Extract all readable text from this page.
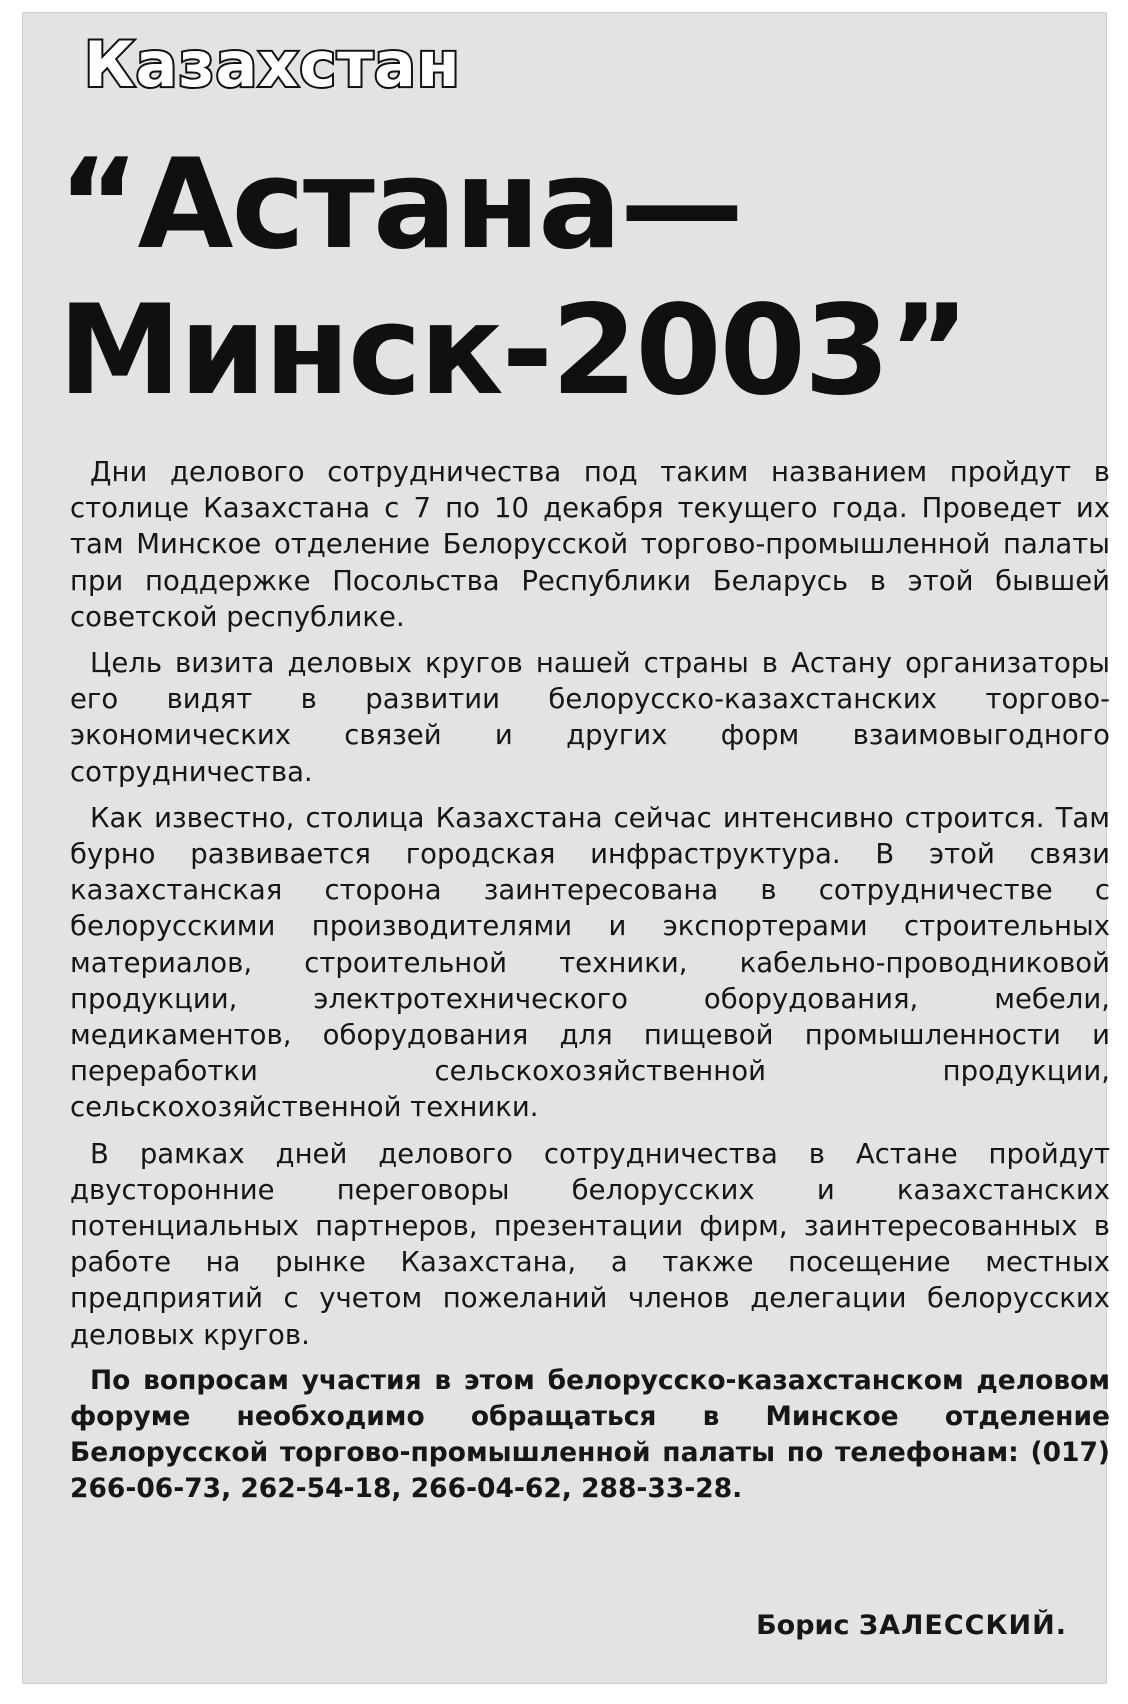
Казахстан
“Астана—
Минск-2003”

Дни делового сотрудничества под таким названием пройдут в столице Казахстана с 7 по 10 декабря текущего года. Проведет их там Минское отделение Белорусской торгово-промышленной палаты при поддержке Посольства Республики Беларусь в этой бывшей советской республике.

Цель визита деловых кругов нашей страны в Астану организаторы его видят в развитии белорусско-казахстанских торгово-экономических связей и других форм взаимовыгодного сотрудничества.

Как известно, столица Казахстана сейчас интенсивно строится. Там бурно развивается городская инфраструктура. В этой связи казахстанская сторона заинтересована в сотрудничестве с белорусскими производителями и экспортерами строительных материалов, строительной техники, кабельно-проводниковой продукции, электротехнического оборудования, мебели, медикаментов, оборудования для пищевой промышленности и переработки сельскохозяйственной продукции, сельскохозяйственной техники.

В рамках дней делового сотрудничества в Астане пройдут двусторонние переговоры белорусских и казахстанских потенциальных партнеров, презентации фирм, заинтересованных в работе на рынке Казахстана, а также посещение местных предприятий с учетом пожеланий членов делегации белорусских деловых кругов.

По вопросам участия в этом белорусско-казахстанском деловом форуме необходимо обращаться в Минское отделение Белорусской торгово-промышленной палаты по телефонам: (017) 266-06-73, 262-54-18, 266-04-62, 288-33-28.

Борис ЗАЛЕССКИЙ.
